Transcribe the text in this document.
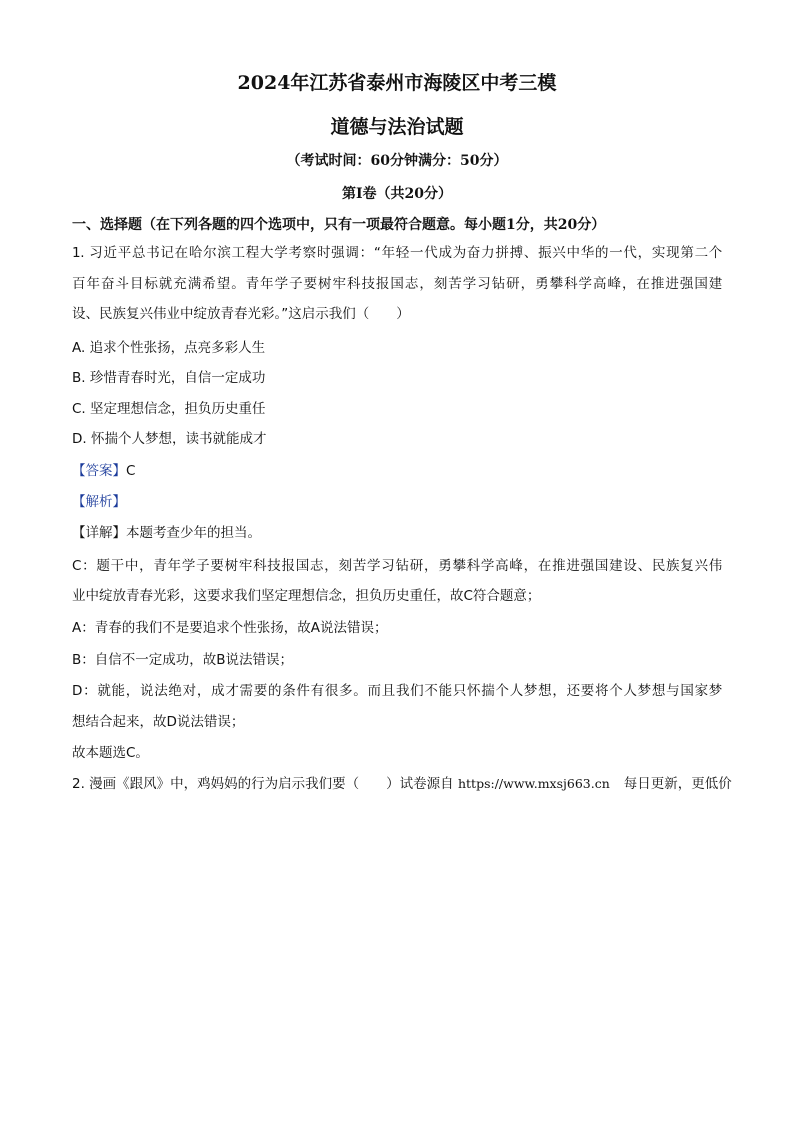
2024年江苏省泰州市海陵区中考三模
道德与法治试题
（考试时间：60分钟满分：50分）
第Ⅰ卷（共20分）
一、选择题（在下列各题的四个选项中，只有一项最符合题意。每小题1分，共20分）
1. 习近平总书记在哈尔滨工程大学考察时强调：“年轻一代成为奋力拼搏、振兴中华的一代，实现第二个
百年奋斗目标就充满希望。青年学子要树牢科技报国志，刻苦学习钻研，勇攀科学高峰，在推进强国建
设、民族复兴伟业中绽放青春光彩。”这启示我们（　　）
A. 追求个性张扬，点亮多彩人生
B. 珍惜青春时光，自信一定成功
C. 坚定理想信念，担负历史重任
D. 怀揣个人梦想，读书就能成才
【答案】C
【解析】
【详解】本题考查少年的担当。
C：题干中，青年学子要树牢科技报国志，刻苦学习钻研，勇攀科学高峰，在推进强国建设、民族复兴伟
业中绽放青春光彩，这要求我们坚定理想信念，担负历史重任，故C符合题意；
A：青春的我们不是要追求个性张扬，故A说法错误；
B：自信不一定成功，故B说法错误；
D：就能，说法绝对，成才需要的条件有很多。而且我们不能只怀揣个人梦想，还要将个人梦想与国家梦
想结合起来，故D说法错误；
故本题选C。
2. 漫画《跟风》中，鸡妈妈的行为启示我们要（　　）试卷源自 https://www.mxsj663.cn 每日更新，更低价
